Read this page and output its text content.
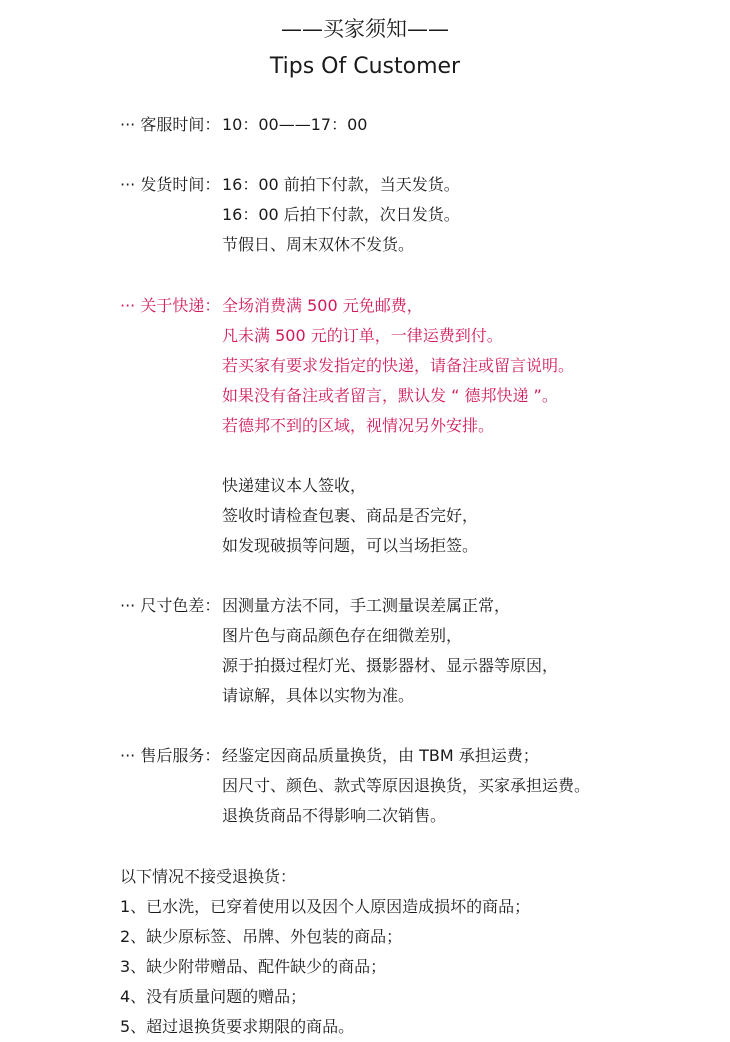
——买家须知——
Tips Of Customer
··· 客服时间： 10：00——17：00
··· 发货时间： 16：00 前拍下付款，当天发货。
16：00 后拍下付款，次日发货。
节假日、周末双休不发货。
··· 关于快递： 全场消费满 500 元免邮费，
凡未满 500 元的订单，一律运费到付。
若买家有要求发指定的快递，请备注或留言说明。
如果没有备注或者留言，默认发 “ 德邦快递 ”。
若德邦不到的区域，视情况另外安排。
快递建议本人签收，
签收时请检查包裹、商品是否完好，
如发现破损等问题，可以当场拒签。
··· 尺寸色差： 因测量方法不同，手工测量误差属正常，
图片色与商品颜色存在细微差别，
源于拍摄过程灯光、摄影器材、显示器等原因，
请谅解，具体以实物为准。
··· 售后服务： 经鉴定因商品质量换货，由 TBM 承担运费；
因尺寸、颜色、款式等原因退换货，买家承担运费。
退换货商品不得影响二次销售。
以下情况不接受退换货：
1、已水洗，已穿着使用以及因个人原因造成损坏的商品；
2、缺少原标签、吊牌、外包装的商品；
3、缺少附带赠品、配件缺少的商品；
4、没有质量问题的赠品；
5、超过退换货要求期限的商品。
